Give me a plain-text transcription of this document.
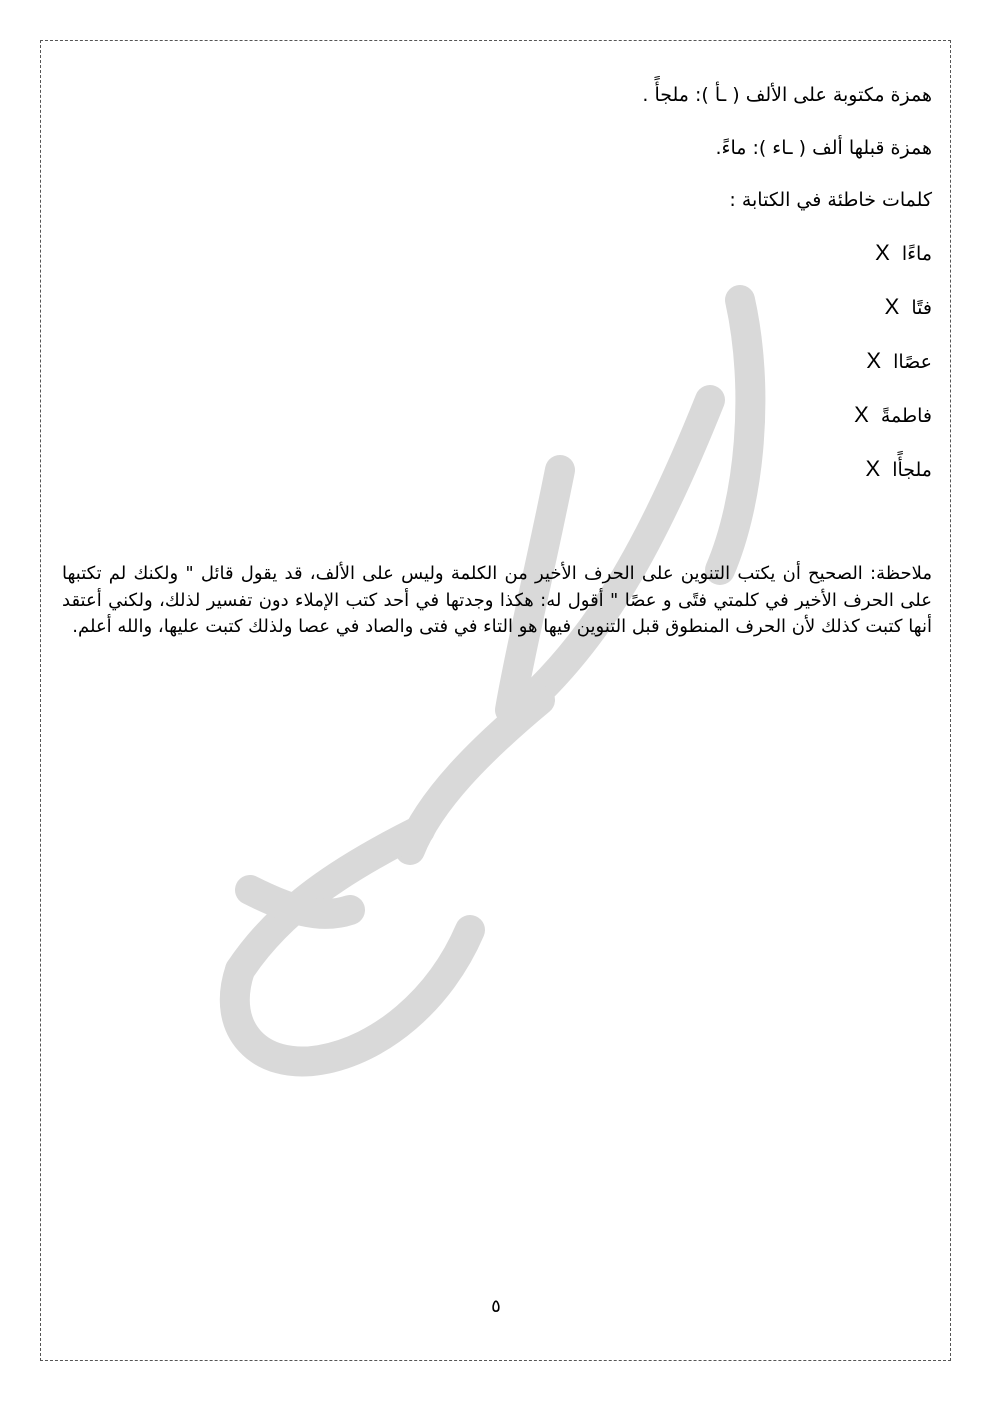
همزة مكتوبة على الألف ( ـأ ): ملجأً .
همزة قبلها ألف ( ـاء ): ماءً.
كلمات خاطئة في الكتابة :
ماءًا X
فتًا X
عصًاا X
فاطمةً X
ملجأًا X
ملاحظة: الصحيح أن يكتب التنوين على الحرف الأخير من الكلمة وليس على الألف، قد يقول قائل " ولكنك لم تكتبها على الحرف الأخير في كلمتي فتًى و عصًا " أقول له: هكذا وجدتها في أحد كتب الإملاء دون تفسير لذلك، ولكني أعتقد أنها كتبت كذلك لأن الحرف المنطوق قبل التنوين فيها هو التاء في فتى والصاد في عصا ولذلك كتبت عليها، والله أعلم.
٥
